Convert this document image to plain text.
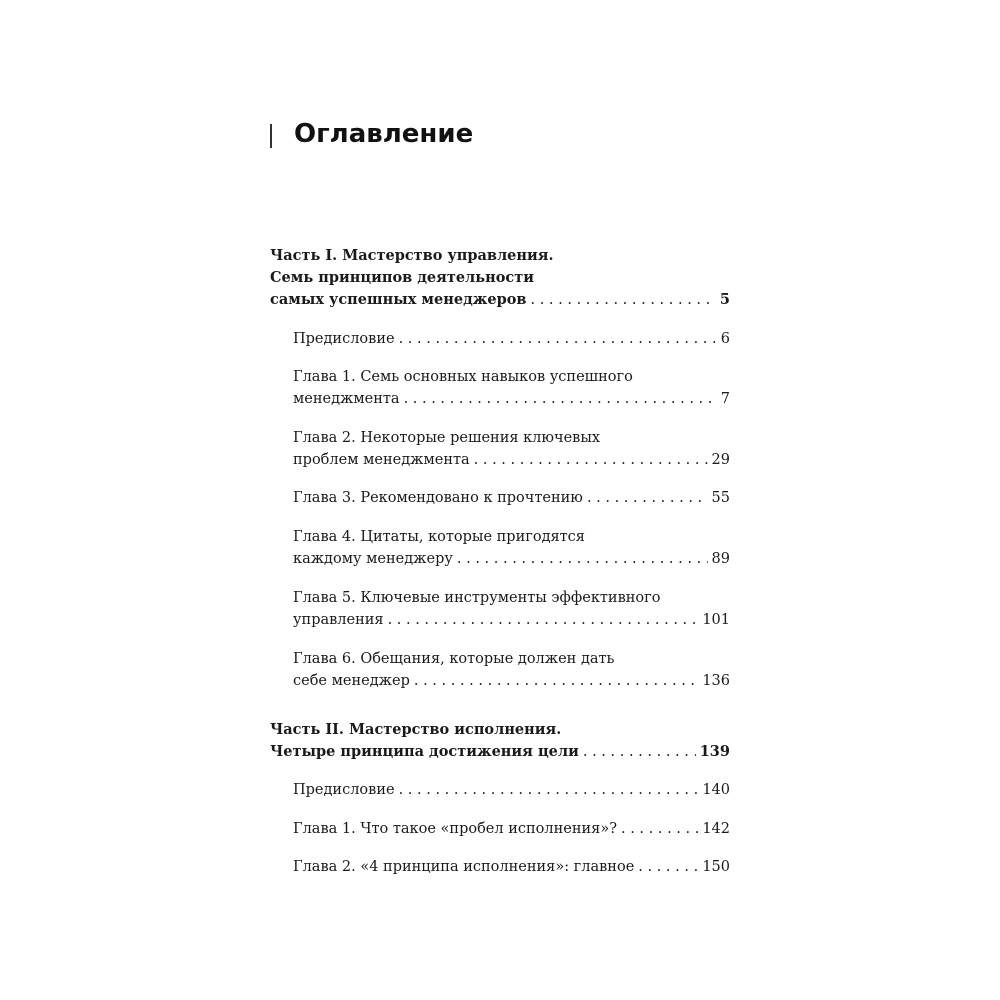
Оглавление
Часть I. Мастерство управления.
Семь принципов деятельности
самых успешных менеджеров . . .	5
Предисловие . . .	6
Глава 1. Семь основных навыков успешного
менеджмента . . .	7
Глава 2. Некоторые решения ключевых
проблем менеджмента . . .	29
Глава 3. Рекомендовано к прочтению . . .	55
Глава 4. Цитаты, которые пригодятся
каждому менеджеру . . .	89
Глава 5. Ключевые инструменты эффективного
управления . . .	101
Глава 6. Обещания, которые должен дать
себе менеджер . . .	136
Часть II. Мастерство исполнения.
Четыре принципа достижения цели . . .	139
Предисловие . . .	140
Глава 1. Что такое «пробел исполнения»? . . .	142
Глава 2. «4 принципа исполнения»: главное . . .	150
